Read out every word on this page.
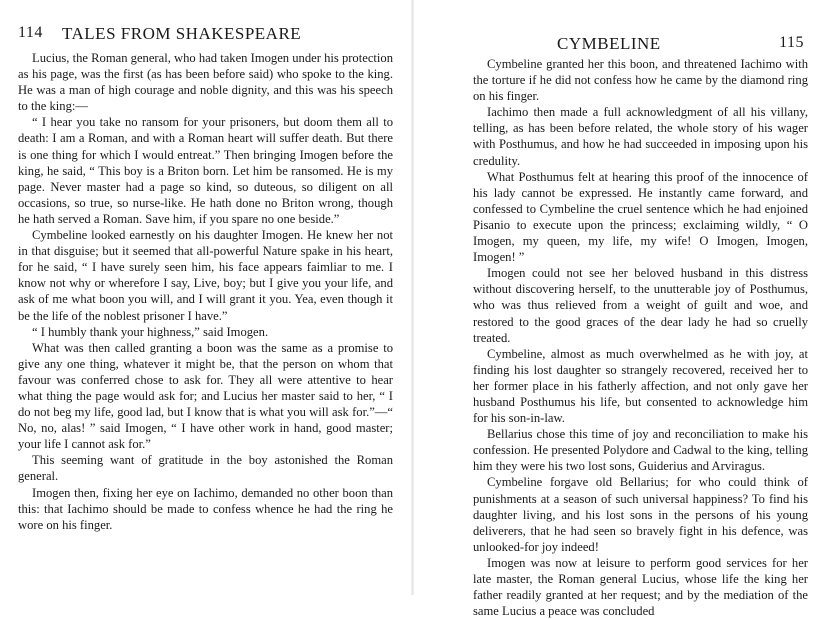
114 TALES FROM SHAKESPEARE

Lucius, the Roman general, who had taken Imogen under his protection as his page, was the first (as has been before said) who spoke to the king. He was a man of high courage and noble dignity, and this was his speech to the king:—

“ I hear you take no ransom for your prisoners, but doom them all to death: I am a Roman, and with a Roman heart will suffer death. But there is one thing for which I would entreat.” Then bringing Imogen before the king, he said, “ This boy is a Briton born. Let him be ransomed. He is my page. Never master had a page so kind, so duteous, so diligent on all occasions, so true, so nurse-like. He hath done no Briton wrong, though he hath served a Roman. Save him, if you spare no one beside.”

Cymbeline looked earnestly on his daughter Imogen. He knew her not in that disguise; but it seemed that all-powerful Nature spake in his heart, for he said, “ I have surely seen him, his face appears faimliar to me. I know not why or wherefore I say, Live, boy; but I give you your life, and ask of me what boon you will, and I will grant it you. Yea, even though it be the life of the noblest prisoner I have.”

“ I humbly thank your highness,” said Imogen.

What was then called granting a boon was the same as a promise to give any one thing, whatever it might be, that the person on whom that favour was conferred chose to ask for. They all were attentive to hear what thing the page would ask for; and Lucius her master said to her, “ I do not beg my life, good lad, but I know that is what you will ask for.”—“ No, no, alas! ” said Imogen, “ I have other work in hand, good master; your life I cannot ask for.”

This seeming want of gratitude in the boy astonished the Roman general.

Imogen then, fixing her eye on Iachimo, demanded no other boon than this: that Iachimo should be made to confess whence he had the ring he wore on his finger.

CYMBELINE	115

Cymbeline granted her this boon, and threatened Iachimo with the torture if he did not confess how he came by the diamond ring on his finger.

Iachimo then made a full acknowledgment of all his villany, telling, as has been before related, the whole story of his wager with Posthumus, and how he had succeeded in imposing upon his credulity.

What Posthumus felt at hearing this proof of the innocence of his lady cannot be expressed. He instantly came forward, and confessed to Cymbeline the cruel sentence which he had enjoined Pisanio to execute upon the princess; exclaiming wildly, “ O Imogen, my queen, my life, my wife! O Imogen, Imogen, Imogen! ”

Imogen could not see her beloved husband in this distress without discovering herself, to the unutterable joy of Posthumus, who was thus relieved from a weight of guilt and woe, and restored to the good graces of the dear lady he had so cruelly treated.

Cymbeline, almost as much overwhelmed as he with joy, at finding his lost daughter so strangely recovered, received her to her former place in his fatherly affection, and not only gave her husband Posthumus his life, but consented to acknowledge him for his son-in-law.

Bellarius chose this time of joy and reconciliation to make his confession. He presented Polydore and Cadwal to the king, telling him they were his two lost sons, Guiderius and Arviragus.

Cymbeline forgave old Bellarius; for who could think of punishments at a season of such universal happiness? To find his daughter living, and his lost sons in the persons of his young deliverers, that he had seen so bravely fight in his defence, was unlooked-for joy indeed!

Imogen was now at leisure to perform good services for her late master, the Roman general Lucius, whose life the king her father readily granted at her request; and by the mediation of the same Lucius a peace was concluded
